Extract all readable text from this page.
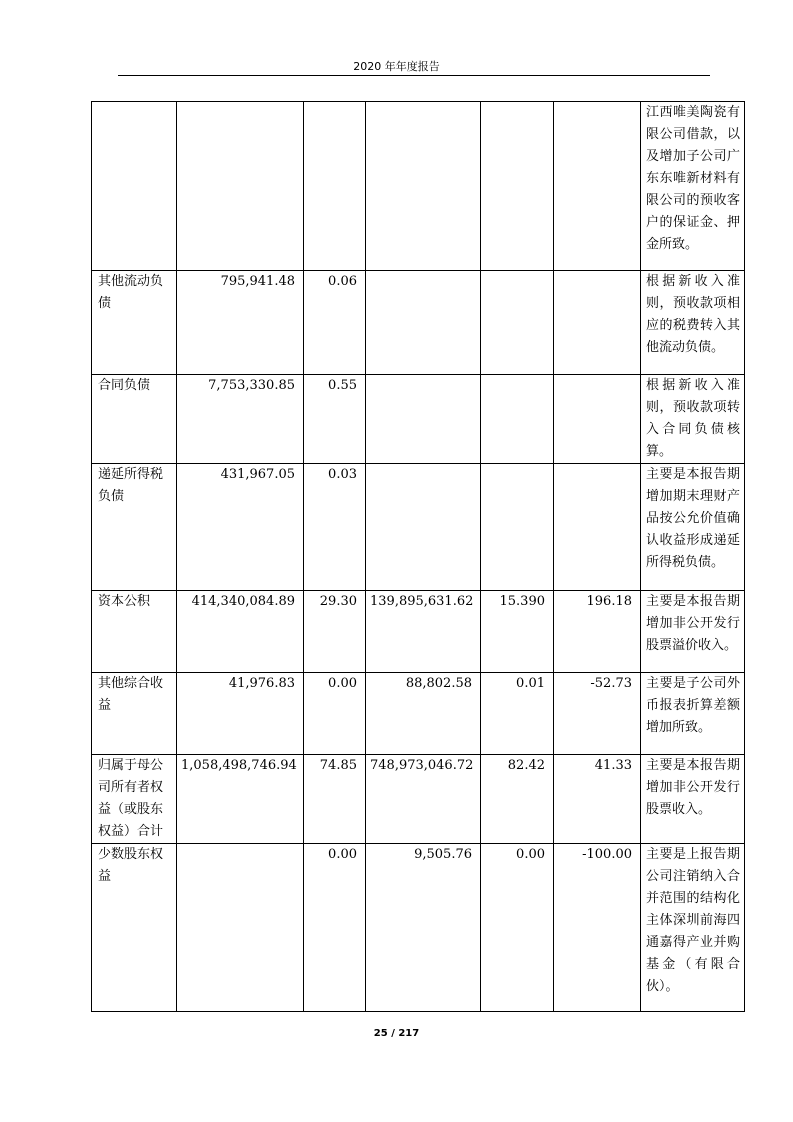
2020 年年度报告
						江西唯美陶瓷有限公司借款，以及增加子公司广东东唯新材料有限公司的预收客户的保证金、押金所致。
其他流动负债	795,941.48	0.06				根据新收入准则，预收款项相应的税费转入其他流动负债。
合同负债	7,753,330.85	0.55				根据新收入准则，预收款项转入合同负债核算。
递延所得税负债	431,967.05	0.03				主要是本报告期增加期末理财产品按公允价值确认收益形成递延所得税负债。
资本公积	414,340,084.89	29.30	139,895,631.62	15.390	196.18	主要是本报告期增加非公开发行股票溢价收入。
其他综合收益	41,976.83	0.00	88,802.58	0.01	-52.73	主要是子公司外币报表折算差额增加所致。
归属于母公司所有者权益（或股东权益）合计	1,058,498,746.94	74.85	748,973,046.72	82.42	41.33	主要是本报告期增加非公开发行股票收入。
少数股东权益		0.00	9,505.76	0.00	-100.00	主要是上报告期公司注销纳入合并范围的结构化主体深圳前海四通嘉得产业并购基金（有限合伙）。
25 / 217
